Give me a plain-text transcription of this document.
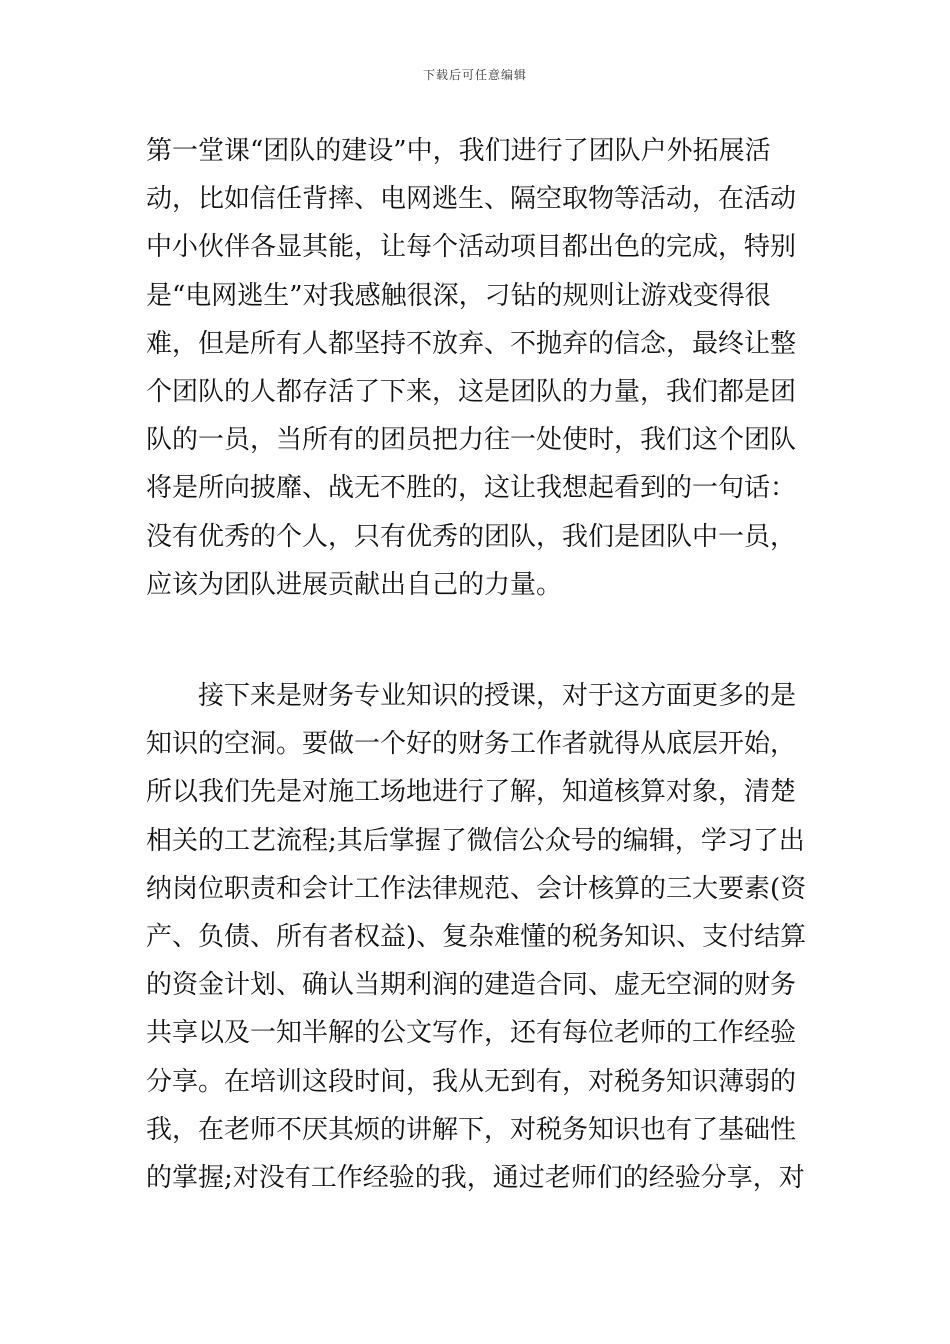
下载后可任意编辑
第一堂课“团队的建设”中，我们进行了团队户外拓展活
动，比如信任背摔、电网逃生、隔空取物等活动，在活动
中小伙伴各显其能，让每个活动项目都出色的完成，特别
是“电网逃生”对我感触很深，刁钻的规则让游戏变得很
难，但是所有人都坚持不放弃、不抛弃的信念，最终让整
个团队的人都存活了下来，这是团队的力量，我们都是团
队的一员，当所有的团员把力往一处使时，我们这个团队
将是所向披靡、战无不胜的，这让我想起看到的一句话：
没有优秀的个人，只有优秀的团队，我们是团队中一员，
应该为团队进展贡献出自己的力量。
　　接下来是财务专业知识的授课，对于这方面更多的是
知识的空洞。要做一个好的财务工作者就得从底层开始，
所以我们先是对施工场地进行了解，知道核算对象，清楚
相关的工艺流程;其后掌握了微信公众号的编辑，学习了出
纳岗位职责和会计工作法律规范、会计核算的三大要素(资
产、负债、所有者权益)、复杂难懂的税务知识、支付结算
的资金计划、确认当期利润的建造合同、虚无空洞的财务
共享以及一知半解的公文写作，还有每位老师的工作经验
分享。在培训这段时间，我从无到有，对税务知识薄弱的
我，在老师不厌其烦的讲解下，对税务知识也有了基础性
的掌握;对没有工作经验的我，通过老师们的经验分享，对
